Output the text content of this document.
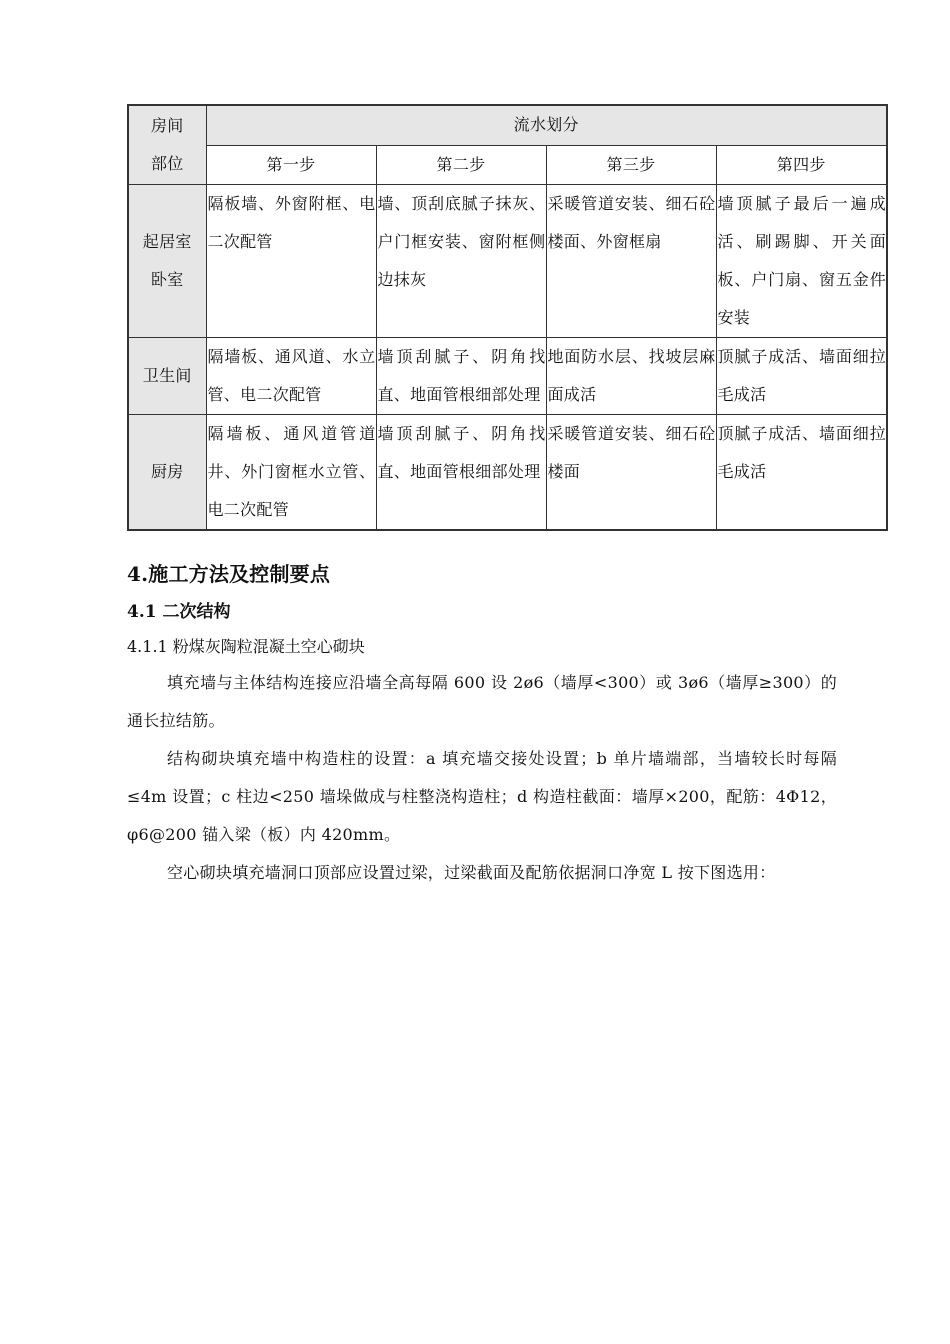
房间部位	流水划分			
	第一步	第二步	第三步	第四步

起居室卧室	隔板墙、外窗附框、电二次配管	墙、顶刮底腻子抹灰、户门框安装、窗附框侧边抹灰	采暖管道安装、细石砼楼面、外窗框扇	墙顶腻子最后一遍成活、刷踢脚、开关面板、户门扇、窗五金件安装
卫生间	隔墙板、通风道、水立管、电二次配管	墙顶刮腻子、阴角找直、地面管根细部处理	地面防水层、找坡层麻面成活	顶腻子成活、墙面细拉毛成活
厨房	隔墙板、通风道管道井、外门窗框水立管、电二次配管	墙顶刮腻子、阴角找直、地面管根细部处理	采暖管道安装、细石砼楼面	顶腻子成活、墙面细拉毛成活
4.施工方法及控制要点
4.1 二次结构
4.1.1 粉煤灰陶粒混凝土空心砌块
填充墙与主体结构连接应沿墙全高每隔 600 设 2ø6（墙厚<300）或 3ø6（墙厚≥300）的通长拉结筋。
结构砌块填充墙中构造柱的设置：a 填充墙交接处设置；b 单片墙端部，当墙较长时每隔≤4m 设置；c 柱边<250 墙垛做成与柱整浇构造柱；d 构造柱截面：墙厚×200，配筋：4Φ12，φ6@200 锚入梁（板）内 420mm。
空心砌块填充墙洞口顶部应设置过梁，过梁截面及配筋依据洞口净宽 L 按下图选用：
